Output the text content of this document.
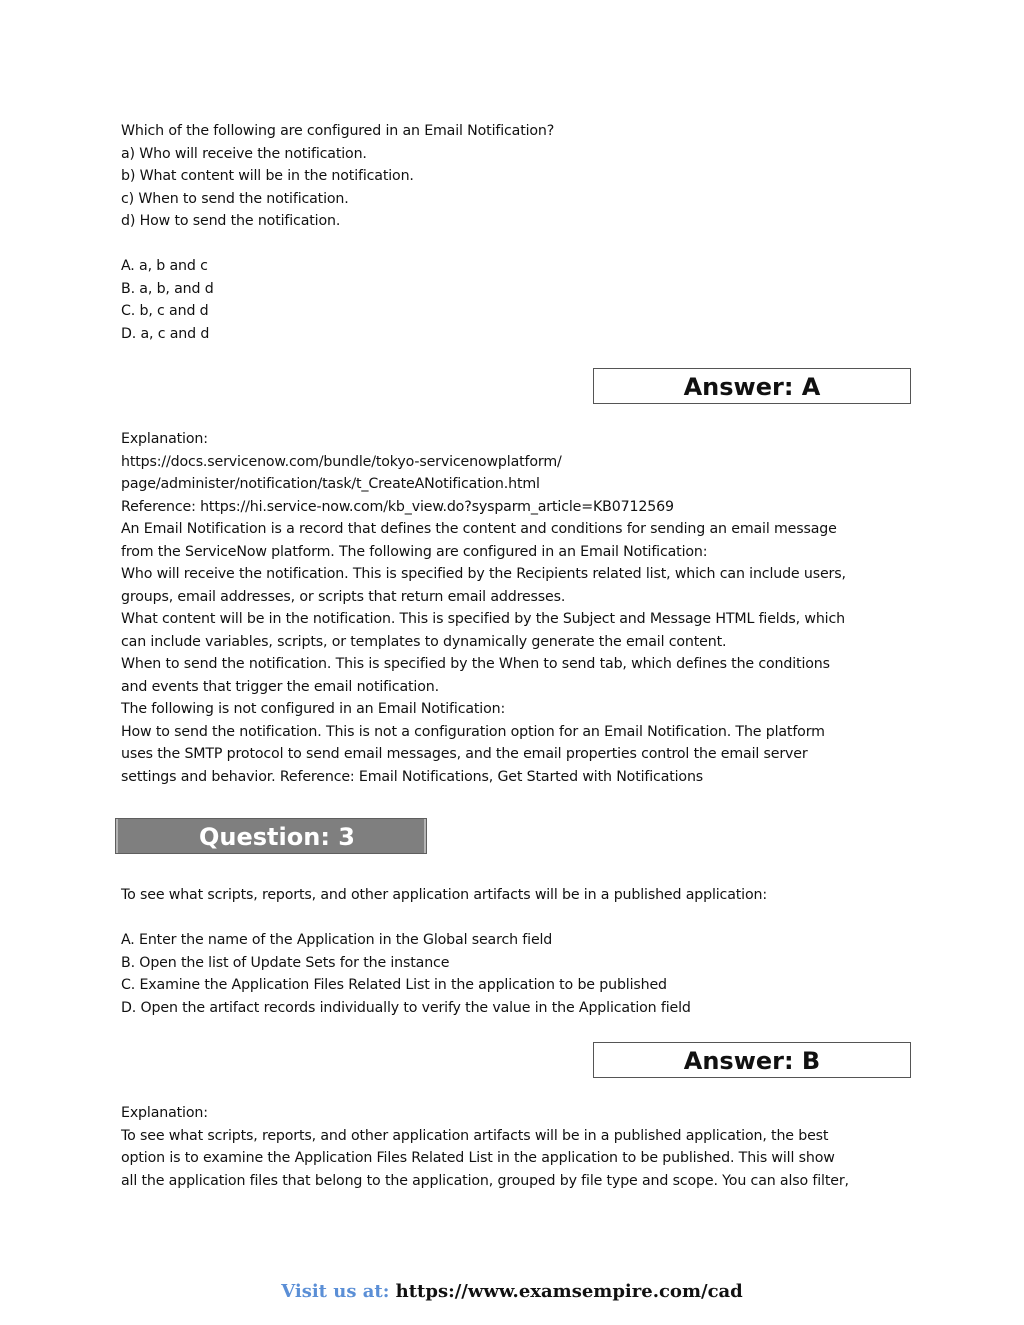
Which of the following are configured in an Email Notification?
a) Who will receive the notification.
b) What content will be in the notification.
c) When to send the notification.
d) How to send the notification.
A. a, b and c
B. a, b, and d
C. b, c and d
D. a, c and d
Answer: A
Explanation:
https://docs.servicenow.com/bundle/tokyo-servicenowplatform/
page/administer/notification/task/t_CreateANotification.html
Reference: https://hi.service-now.com/kb_view.do?sysparm_article=KB0712569
An Email Notification is a record that defines the content and conditions for sending an email message
from the ServiceNow platform. The following are configured in an Email Notification:
Who will receive the notification. This is specified by the Recipients related list, which can include users,
groups, email addresses, or scripts that return email addresses.
What content will be in the notification. This is specified by the Subject and Message HTML fields, which
can include variables, scripts, or templates to dynamically generate the email content.
When to send the notification. This is specified by the When to send tab, which defines the conditions
and events that trigger the email notification.
The following is not configured in an Email Notification:
How to send the notification. This is not a configuration option for an Email Notification. The platform
uses the SMTP protocol to send email messages, and the email properties control the email server
settings and behavior. Reference: Email Notifications, Get Started with Notifications
Question: 3
To see what scripts, reports, and other application artifacts will be in a published application:
A. Enter the name of the Application in the Global search field
B. Open the list of Update Sets for the instance
C. Examine the Application Files Related List in the application to be published
D. Open the artifact records individually to verify the value in the Application field
Answer: B
Explanation:
To see what scripts, reports, and other application artifacts will be in a published application, the best
option is to examine the Application Files Related List in the application to be published. This will show
all the application files that belong to the application, grouped by file type and scope. You can also filter,
Visit us at: https://www.examsempire.com/cad
